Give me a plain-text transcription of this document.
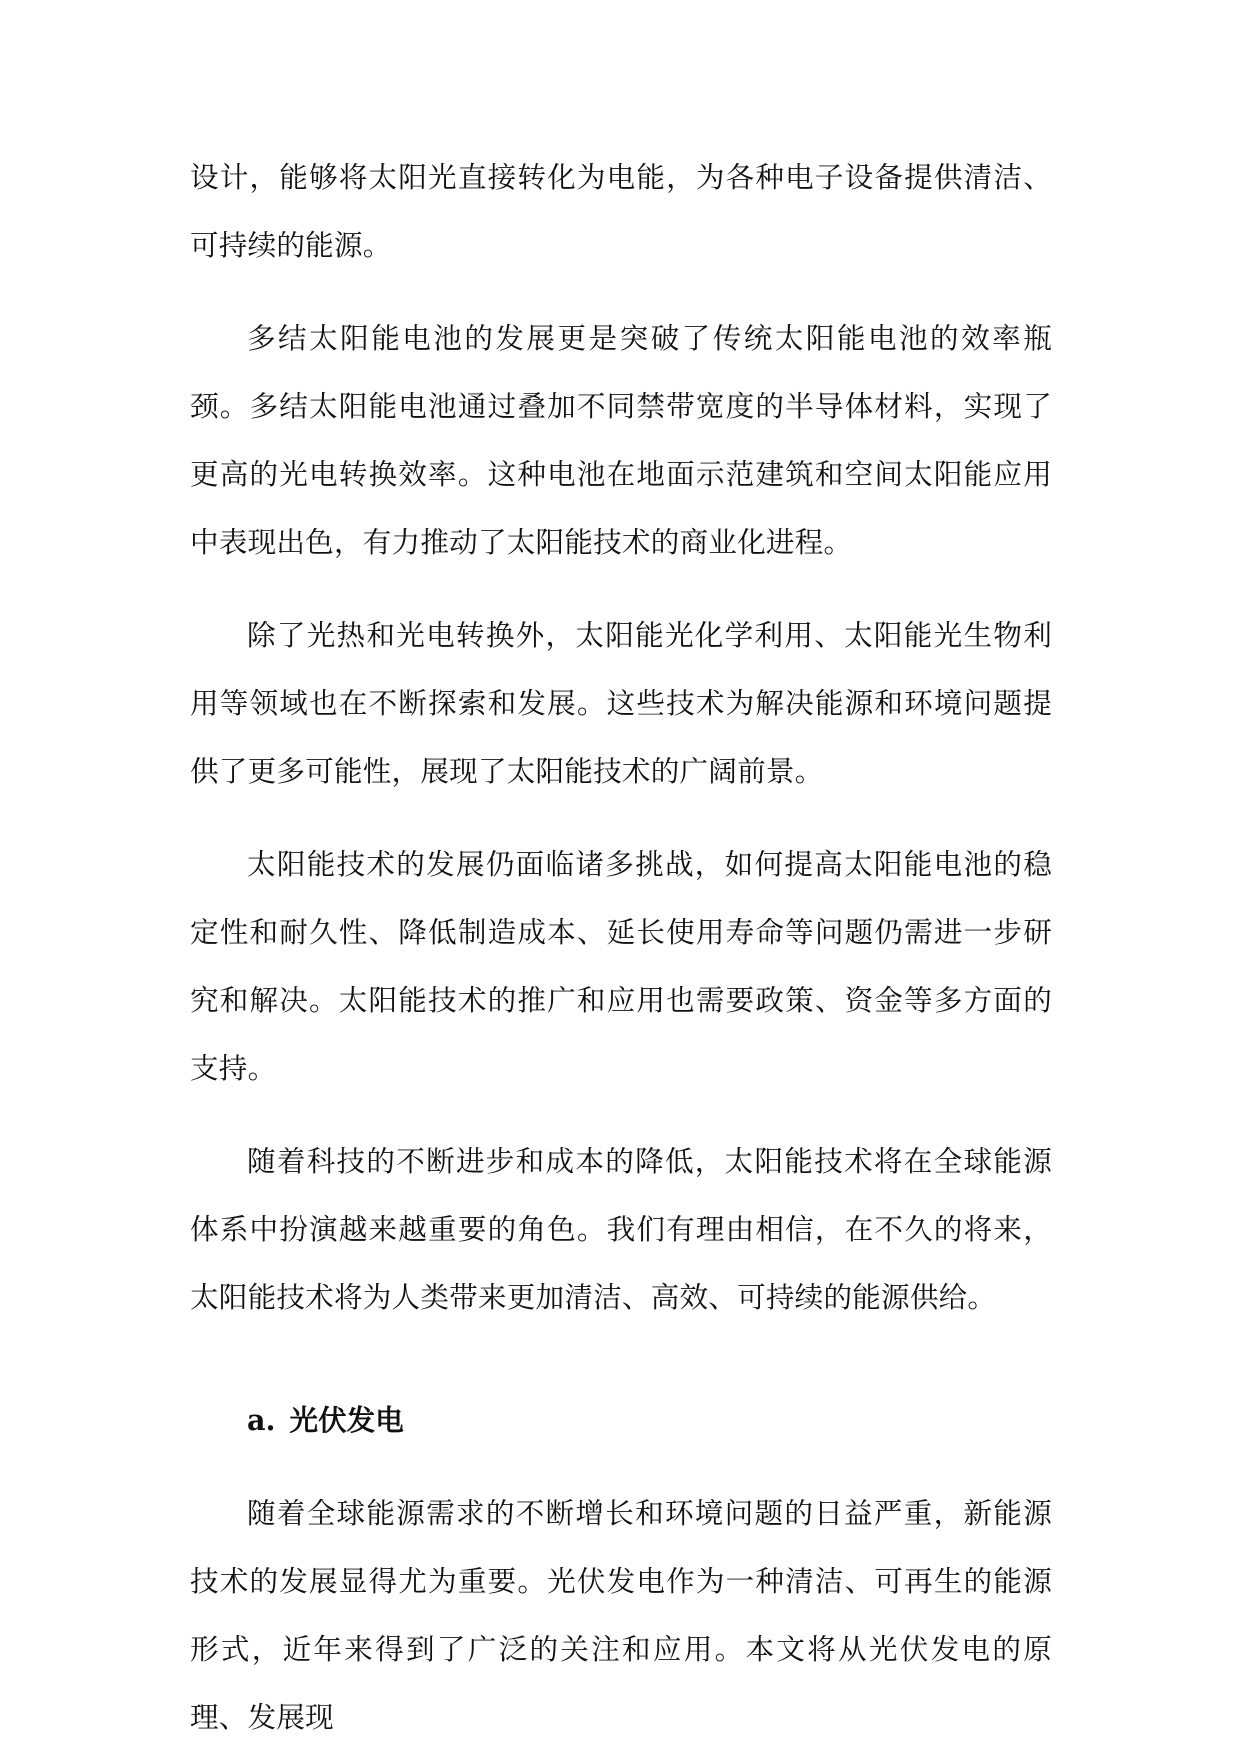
设计，能够将太阳光直接转化为电能，为各种电子设备提供清洁、可持续的能源。

多结太阳能电池的发展更是突破了传统太阳能电池的效率瓶颈。多结太阳能电池通过叠加不同禁带宽度的半导体材料，实现了更高的光电转换效率。这种电池在地面示范建筑和空间太阳能应用中表现出色，有力推动了太阳能技术的商业化进程。

除了光热和光电转换外，太阳能光化学利用、太阳能光生物利用等领域也在不断探索和发展。这些技术为解决能源和环境问题提供了更多可能性，展现了太阳能技术的广阔前景。

太阳能技术的发展仍面临诸多挑战，如何提高太阳能电池的稳定性和耐久性、降低制造成本、延长使用寿命等问题仍需进一步研究和解决。太阳能技术的推广和应用也需要政策、资金等多方面的支持。

随着科技的不断进步和成本的降低，太阳能技术将在全球能源体系中扮演越来越重要的角色。我们有理由相信，在不久的将来，太阳能技术将为人类带来更加清洁、高效、可持续的能源供给。

a. 光伏发电

随着全球能源需求的不断增长和环境问题的日益严重，新能源技术的发展显得尤为重要。光伏发电作为一种清洁、可再生的能源形式，近年来得到了广泛的关注和应用。本文将从光伏发电的原理、发展现
